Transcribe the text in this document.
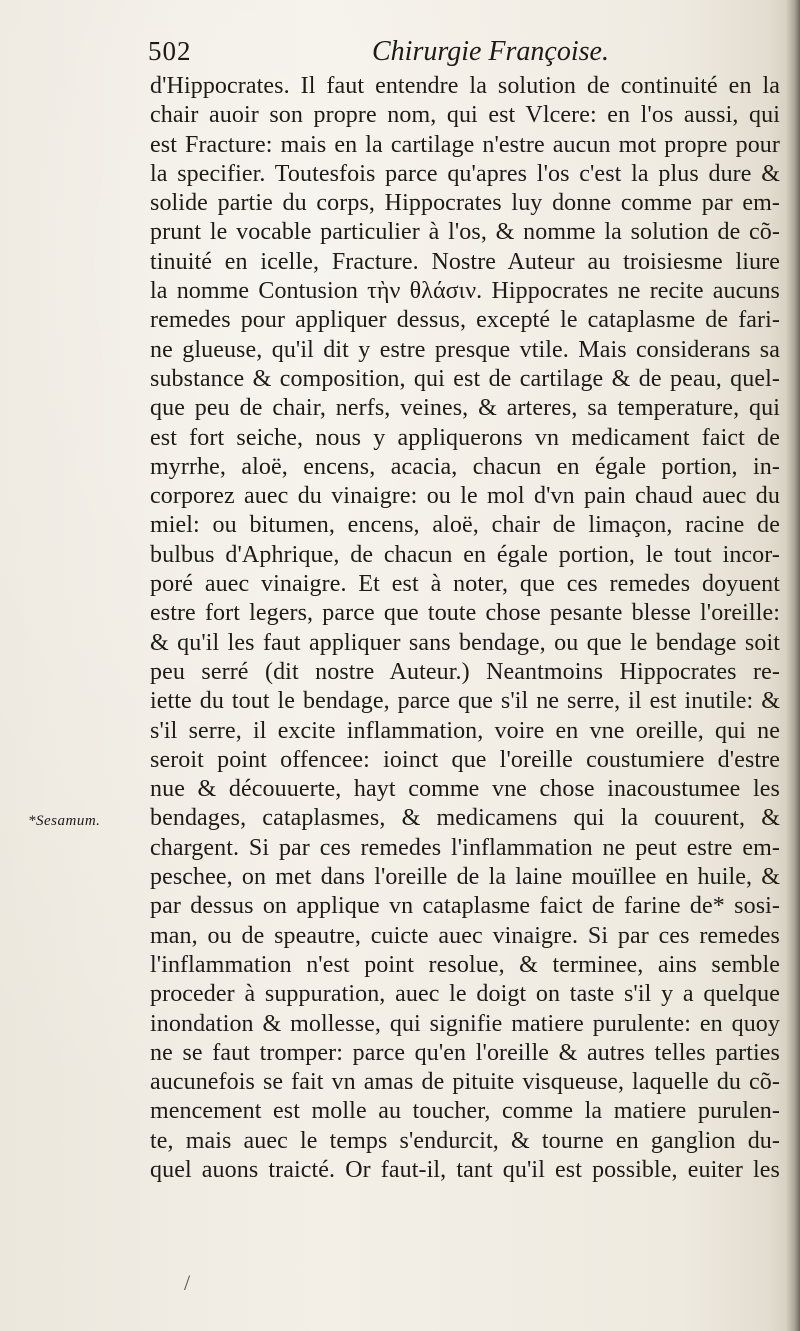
502	Chirurgie Françoise.
*Sesamum.
d'Hippocrates. Il faut entendre la solution de continuité en la
chair auoir son propre nom, qui est Vlcere: en l'os aussi, qui
est Fracture: mais en la cartilage n'estre aucun mot propre pour
la specifier. Toutesfois parce qu'apres l'os c'est la plus dure &
solide partie du corps, Hippocrates luy donne comme par em-
prunt le vocable particulier à l'os, & nomme la solution de cõ-
tinuité en icelle, Fracture. Nostre Auteur au troisiesme liure
la nomme Contusion τὴν θλάσιν. Hippocrates ne recite aucuns
remedes pour appliquer dessus, excepté le cataplasme de fari-
ne glueuse, qu'il dit y estre presque vtile. Mais considerans sa
substance & composition, qui est de cartilage & de peau, quel-
que peu de chair, nerfs, veines, & arteres, sa temperature, qui
est fort seiche, nous y appliquerons vn medicament faict de
myrrhe, aloë, encens, acacia, chacun en égale portion, in-
corporez auec du vinaigre: ou le mol d'vn pain chaud auec du
miel: ou bitumen, encens, aloë, chair de limaçon, racine de
bulbus d'Aphrique, de chacun en égale portion, le tout incor-
poré auec vinaigre. Et est à noter, que ces remedes doyuent
estre fort legers, parce que toute chose pesante blesse l'oreille:
& qu'il les faut appliquer sans bendage, ou que le bendage soit
peu serré (dit nostre Auteur.) Neantmoins Hippocrates re-
iette du tout le bendage, parce que s'il ne serre, il est inutile: &
s'il serre, il excite inflammation, voire en vne oreille, qui ne
seroit point offencee: ioinct que l'oreille coustumiere d'estre
nue & découuerte, hayt comme vne chose inacoustumee les
bendages, cataplasmes, & medicamens qui la couurent, &
chargent. Si par ces remedes l'inflammation ne peut estre em-
peschee, on met dans l'oreille de la laine mouïllee en huile, &
par dessus on applique vn cataplasme faict de farine de* sosi-
man, ou de speautre, cuicte auec vinaigre. Si par ces remedes
l'inflammation n'est point resolue, & terminee, ains semble
proceder à suppuration, auec le doigt on taste s'il y a quelque
inondation & mollesse, qui signifie matiere purulente: en quoy
ne se faut tromper: parce qu'en l'oreille & autres telles parties
aucunefois se fait vn amas de pituite visqueuse, laquelle du cõ-
mencement est molle au toucher, comme la matiere purulen-
te, mais auec le temps s'endurcit, & tourne en ganglion du-
quel auons traicté. Or faut-il, tant qu'il est possible, euiter les
/
